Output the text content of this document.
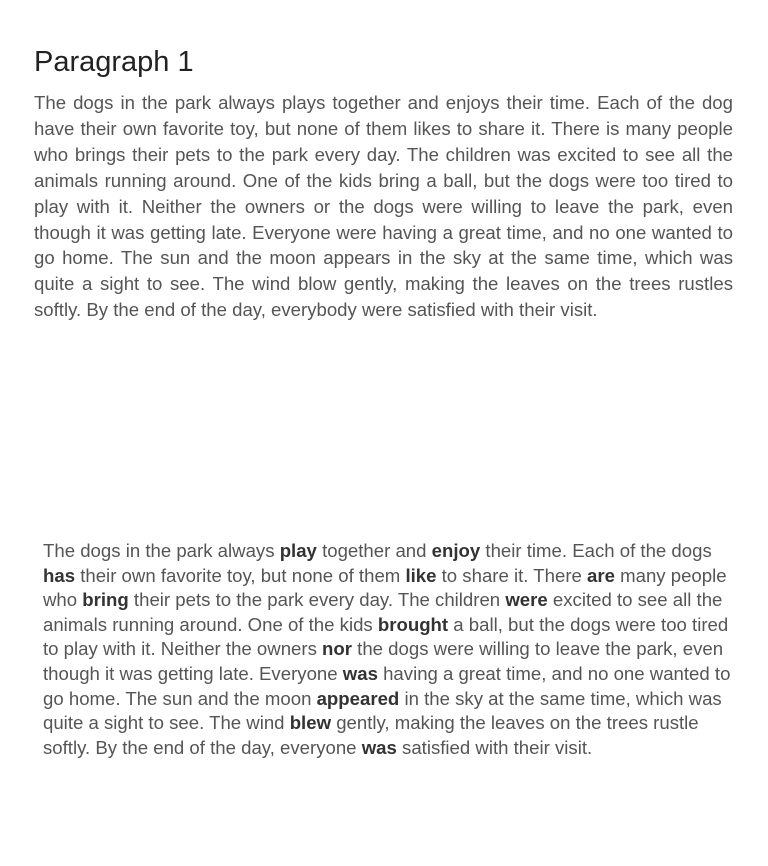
Paragraph 1

The dogs in the park always plays together and enjoys their time. Each of the dog have their own favorite toy, but none of them likes to share it. There is many people who brings their pets to the park every day. The children was excited to see all the animals running around. One of the kids bring a ball, but the dogs were too tired to play with it. Neither the owners or the dogs were willing to leave the park, even though it was getting late. Everyone were having a great time, and no one wanted to go home. The sun and the moon appears in the sky at the same time, which was quite a sight to see. The wind blow gently, making the leaves on the trees rustles softly. By the end of the day, everybody were satisfied with their visit.

The dogs in the park always play together and enjoy their time. Each of the dogs has their own favorite toy, but none of them like to share it. There are many people who bring their pets to the park every day. The children were excited to see all the animals running around. One of the kids brought a ball, but the dogs were too tired to play with it. Neither the owners nor the dogs were willing to leave the park, even though it was getting late. Everyone was having a great time, and no one wanted to go home. The sun and the moon appeared in the sky at the same time, which was quite a sight to see. The wind blew gently, making the leaves on the trees rustle softly. By the end of the day, everyone was satisfied with their visit.
